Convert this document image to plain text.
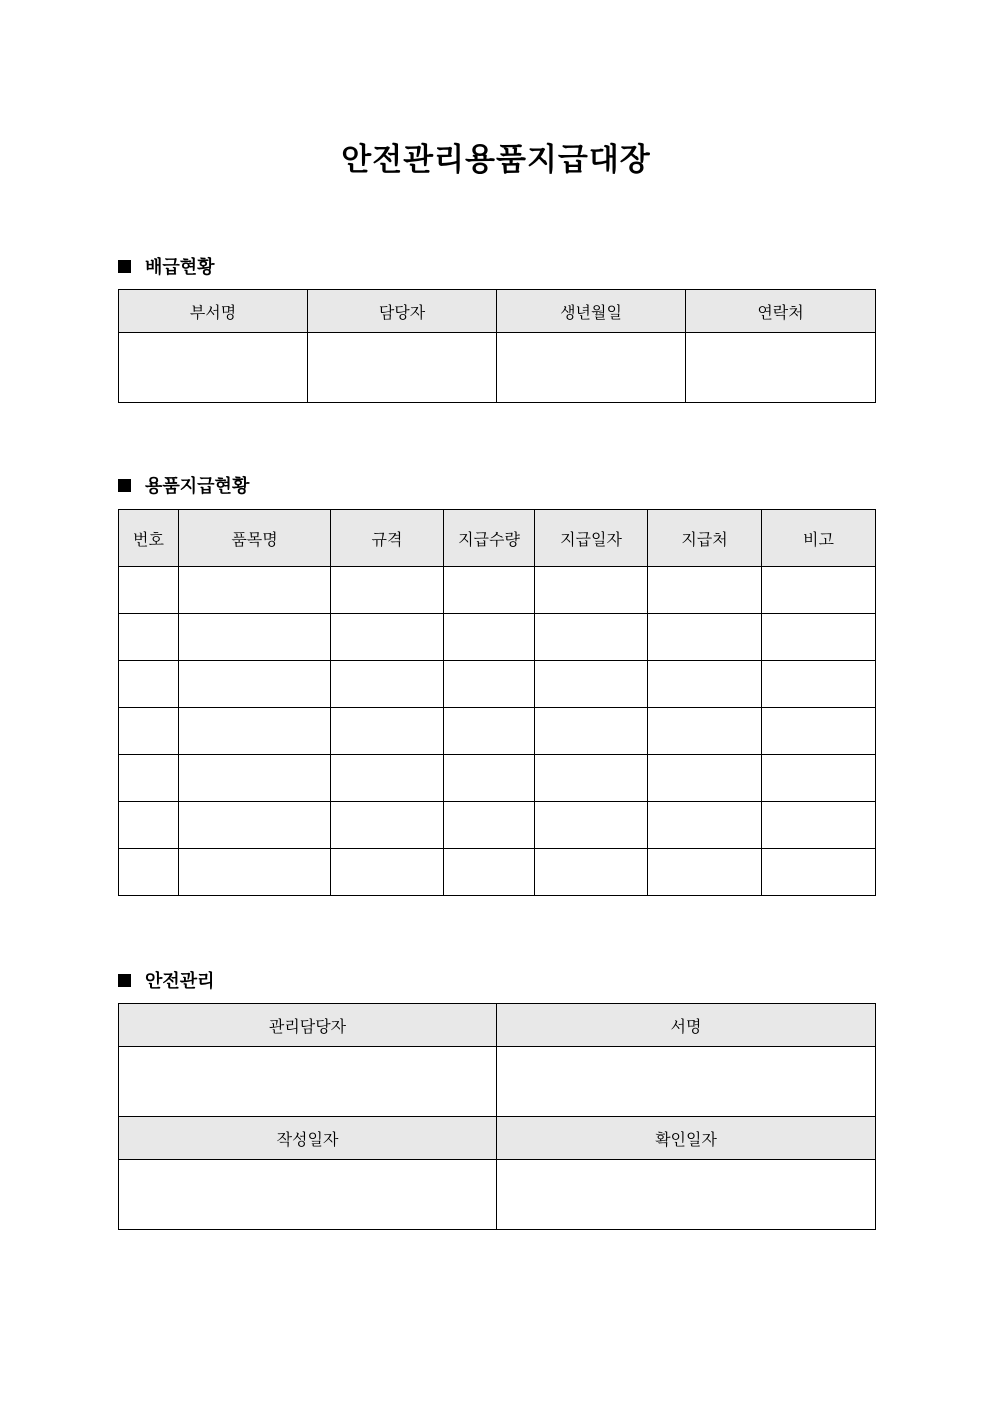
안전관리용품지급대장
배급현황
부서명	담당자	생년월일	연락처

용품지급현황
번호	품목명	규격	지급수량	지급일자	지급처	비고

안전관리
관리담당자	서명

작성일자	확인일자
